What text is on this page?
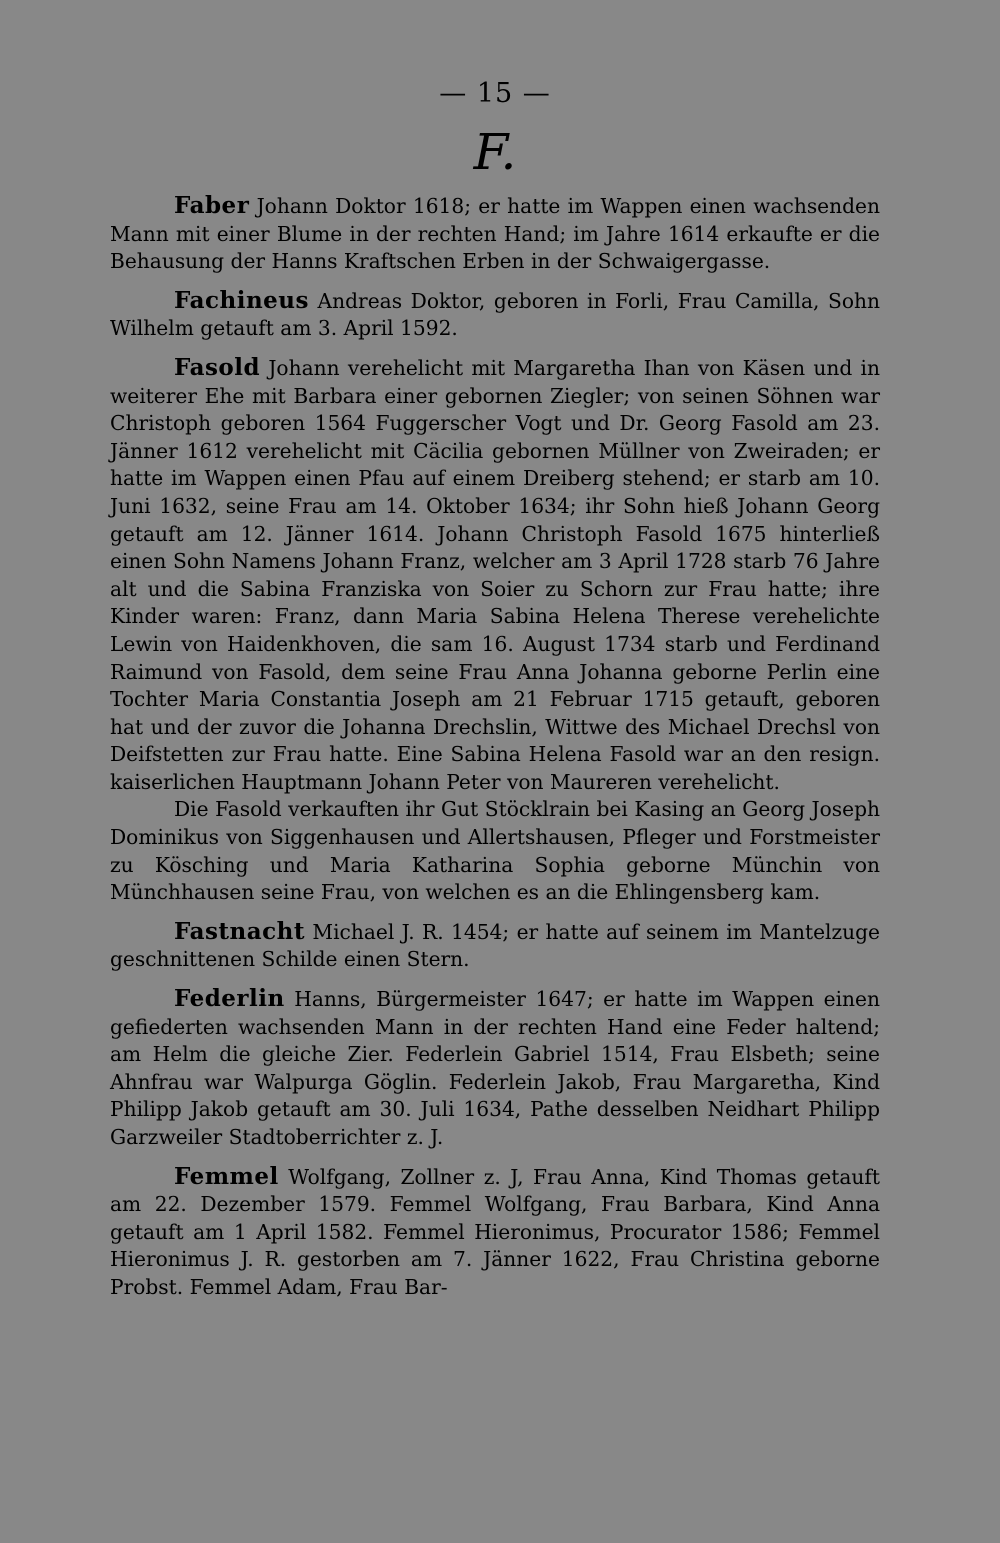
— 15 —
F.

Faber Johann Doktor 1618; er hatte im Wappen einen wachsenden Mann mit einer Blume in der rechten Hand; im Jahre 1614 erkaufte er die Behausung der Hanns Kraftschen Erben in der Schwaigergasse.

Fachineus Andreas Doktor, geboren in Forli, Frau Camilla, Sohn Wilhelm getauft am 3. April 1592.

Fasold Johann verehelicht mit Margaretha Ihan von Käsen und in weiterer Ehe mit Barbara einer gebornen Ziegler; von seinen Söhnen war Christoph geboren 1564 Fuggerscher Vogt und Dr. Georg Fasold am 23. Jänner 1612 verehelicht mit Cäcilia gebornen Müllner von Zweiraden; er hatte im Wappen einen Pfau auf einem Dreiberg stehend; er starb am 10. Juni 1632, seine Frau am 14. Oktober 1634; ihr Sohn hieß Johann Georg getauft am 12. Jänner 1614. Johann Christoph Fasold 1675 hinterließ einen Sohn Namens Johann Franz, welcher am 3 April 1728 starb 76 Jahre alt und die Sabina Franziska von Soier zu Schorn zur Frau hatte; ihre Kinder waren: Franz, dann Maria Sabina Helena Therese verehelichte Lewin von Haidenkhoven, die sam 16. August 1734 starb und Ferdinand Raimund von Fasold, dem seine Frau Anna Johanna geborne Perlin eine Tochter Maria Constantia Joseph am 21 Februar 1715 getauft, geboren hat und der zuvor die Johanna Drechslin, Wittwe des Michael Drechsl von Deifstetten zur Frau hatte. Eine Sabina Helena Fasold war an den resign. kaiserlichen Hauptmann Johann Peter von Maureren verehelicht.

Die Fasold verkauften ihr Gut Stöcklrain bei Kasing an Georg Joseph Dominikus von Siggenhausen und Allertshausen, Pfleger und Forstmeister zu Kösching und Maria Katharina Sophia geborne Münchin von Münchhausen seine Frau, von welchen es an die Ehlingensberg kam.

Fastnacht Michael J. R. 1454; er hatte auf seinem im Mantelzuge geschnittenen Schilde einen Stern.

Federlin Hanns, Bürgermeister 1647; er hatte im Wappen einen gefiederten wachsenden Mann in der rechten Hand eine Feder haltend; am Helm die gleiche Zier. Federlein Gabriel 1514, Frau Elsbeth; seine Ahnfrau war Walpurga Göglin. Federlein Jakob, Frau Margaretha, Kind Philipp Jakob getauft am 30. Juli 1634, Pathe desselben Neidhart Philipp Garzweiler Stadtoberrichter z. J.

Femmel Wolfgang, Zollner z. J, Frau Anna, Kind Thomas getauft am 22. Dezember 1579. Femmel Wolfgang, Frau Barbara, Kind Anna getauft am 1 April 1582. Femmel Hieronimus, Procurator 1586; Femmel Hieronimus J. R. gestorben am 7. Jänner 1622, Frau Christina geborne Probst. Femmel Adam, Frau Bar-
